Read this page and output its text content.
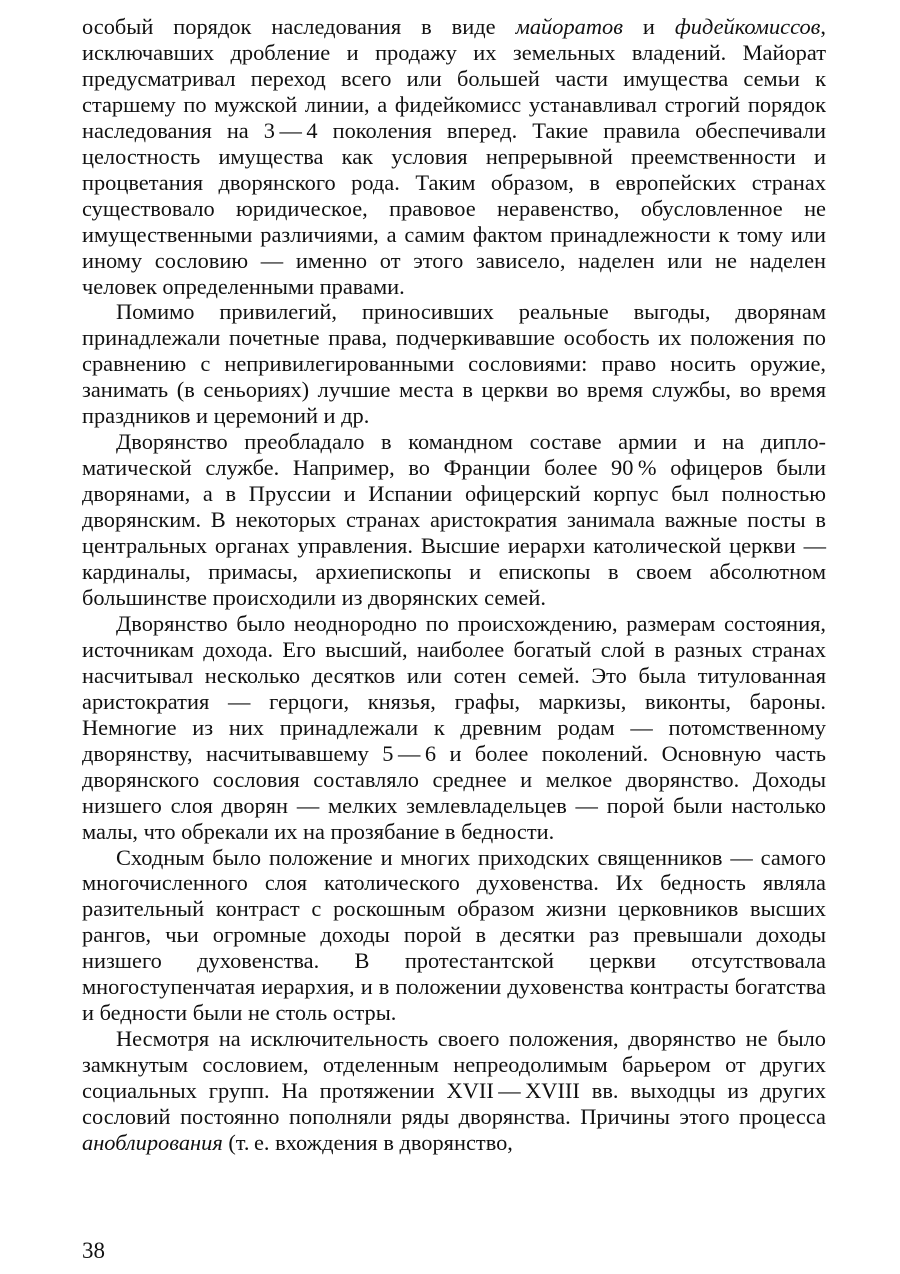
особый порядок наследования в виде майоратов и фидейкомиссов, исключавших дробление и продажу их земельных владений. Майорат предусматривал переход всего или большей части имущества семьи к старшему по мужской линии, а фидейкомисс устанавливал строгий порядок наследования на 3 — 4 поколения вперед. Такие правила обеспечивали целостность имущества как условия непрерывной преемственности и процветания дворянского рода. Таким образом, в европейских странах существовало юридическое, правовое неравенство, обусловленное не имущественными различиями, а самим фактом принадлежности к тому или иному сословию — именно от этого зависело, наделен или не наделен человек определенными правами.

Помимо привилегий, приносивших реальные выгоды, дворянам принадлежали почетные права, подчеркивавшие особость их положения по сравнению с непривилегированными сословиями: право носить оружие, занимать (в сеньориях) лучшие места в церкви во время службы, во время праздников и церемоний и др.

Дворянство преобладало в командном составе армии и на дипломатической службе. Например, во Франции более 90 % офицеров были дворянами, а в Пруссии и Испании офицерский корпус был полностью дворянским. В некоторых странах аристократия занимала важные посты в центральных органах управления. Высшие иерархи католической церкви — кардиналы, примасы, архиепископы и епископы в своем абсолютном большинстве происходили из дворянских семей.

Дворянство было неоднородно по происхождению, размерам состояния, источникам дохода. Его высший, наиболее богатый слой в разных странах насчитывал несколько десятков или сотен семей. Это была титулованная аристократия — герцоги, князья, графы, маркизы, виконты, бароны. Немногие из них принадлежали к древним родам — потомственному дворянству, насчитывавшему 5 — 6 и более поколений. Основную часть дворянского сословия составляло среднее и мелкое дворянство. Доходы низшего слоя дворян — мелких землевладельцев — порой были настолько малы, что обрекали их на прозябание в бедности.

Сходным было положение и многих приходских священников — самого многочисленного слоя католического духовенства. Их бедность являла разительный контраст с роскошным образом жизни церковников высших рангов, чьи огромные доходы порой в десятки раз превышали доходы низшего духовенства. В протестантской церкви отсутствовала многоступенчатая иерархия, и в положении духовенства контрасты богатства и бедности были не столь остры.

Несмотря на исключительность своего положения, дворянство не было замкнутым сословием, отделенным непреодолимым барьером от других социальных групп. На протяжении XVII — XVIII вв. выходцы из других сословий постоянно пополняли ряды дворянства. Причины этого процесса аноблирования (т. е. вхождения в дворянство,

38
